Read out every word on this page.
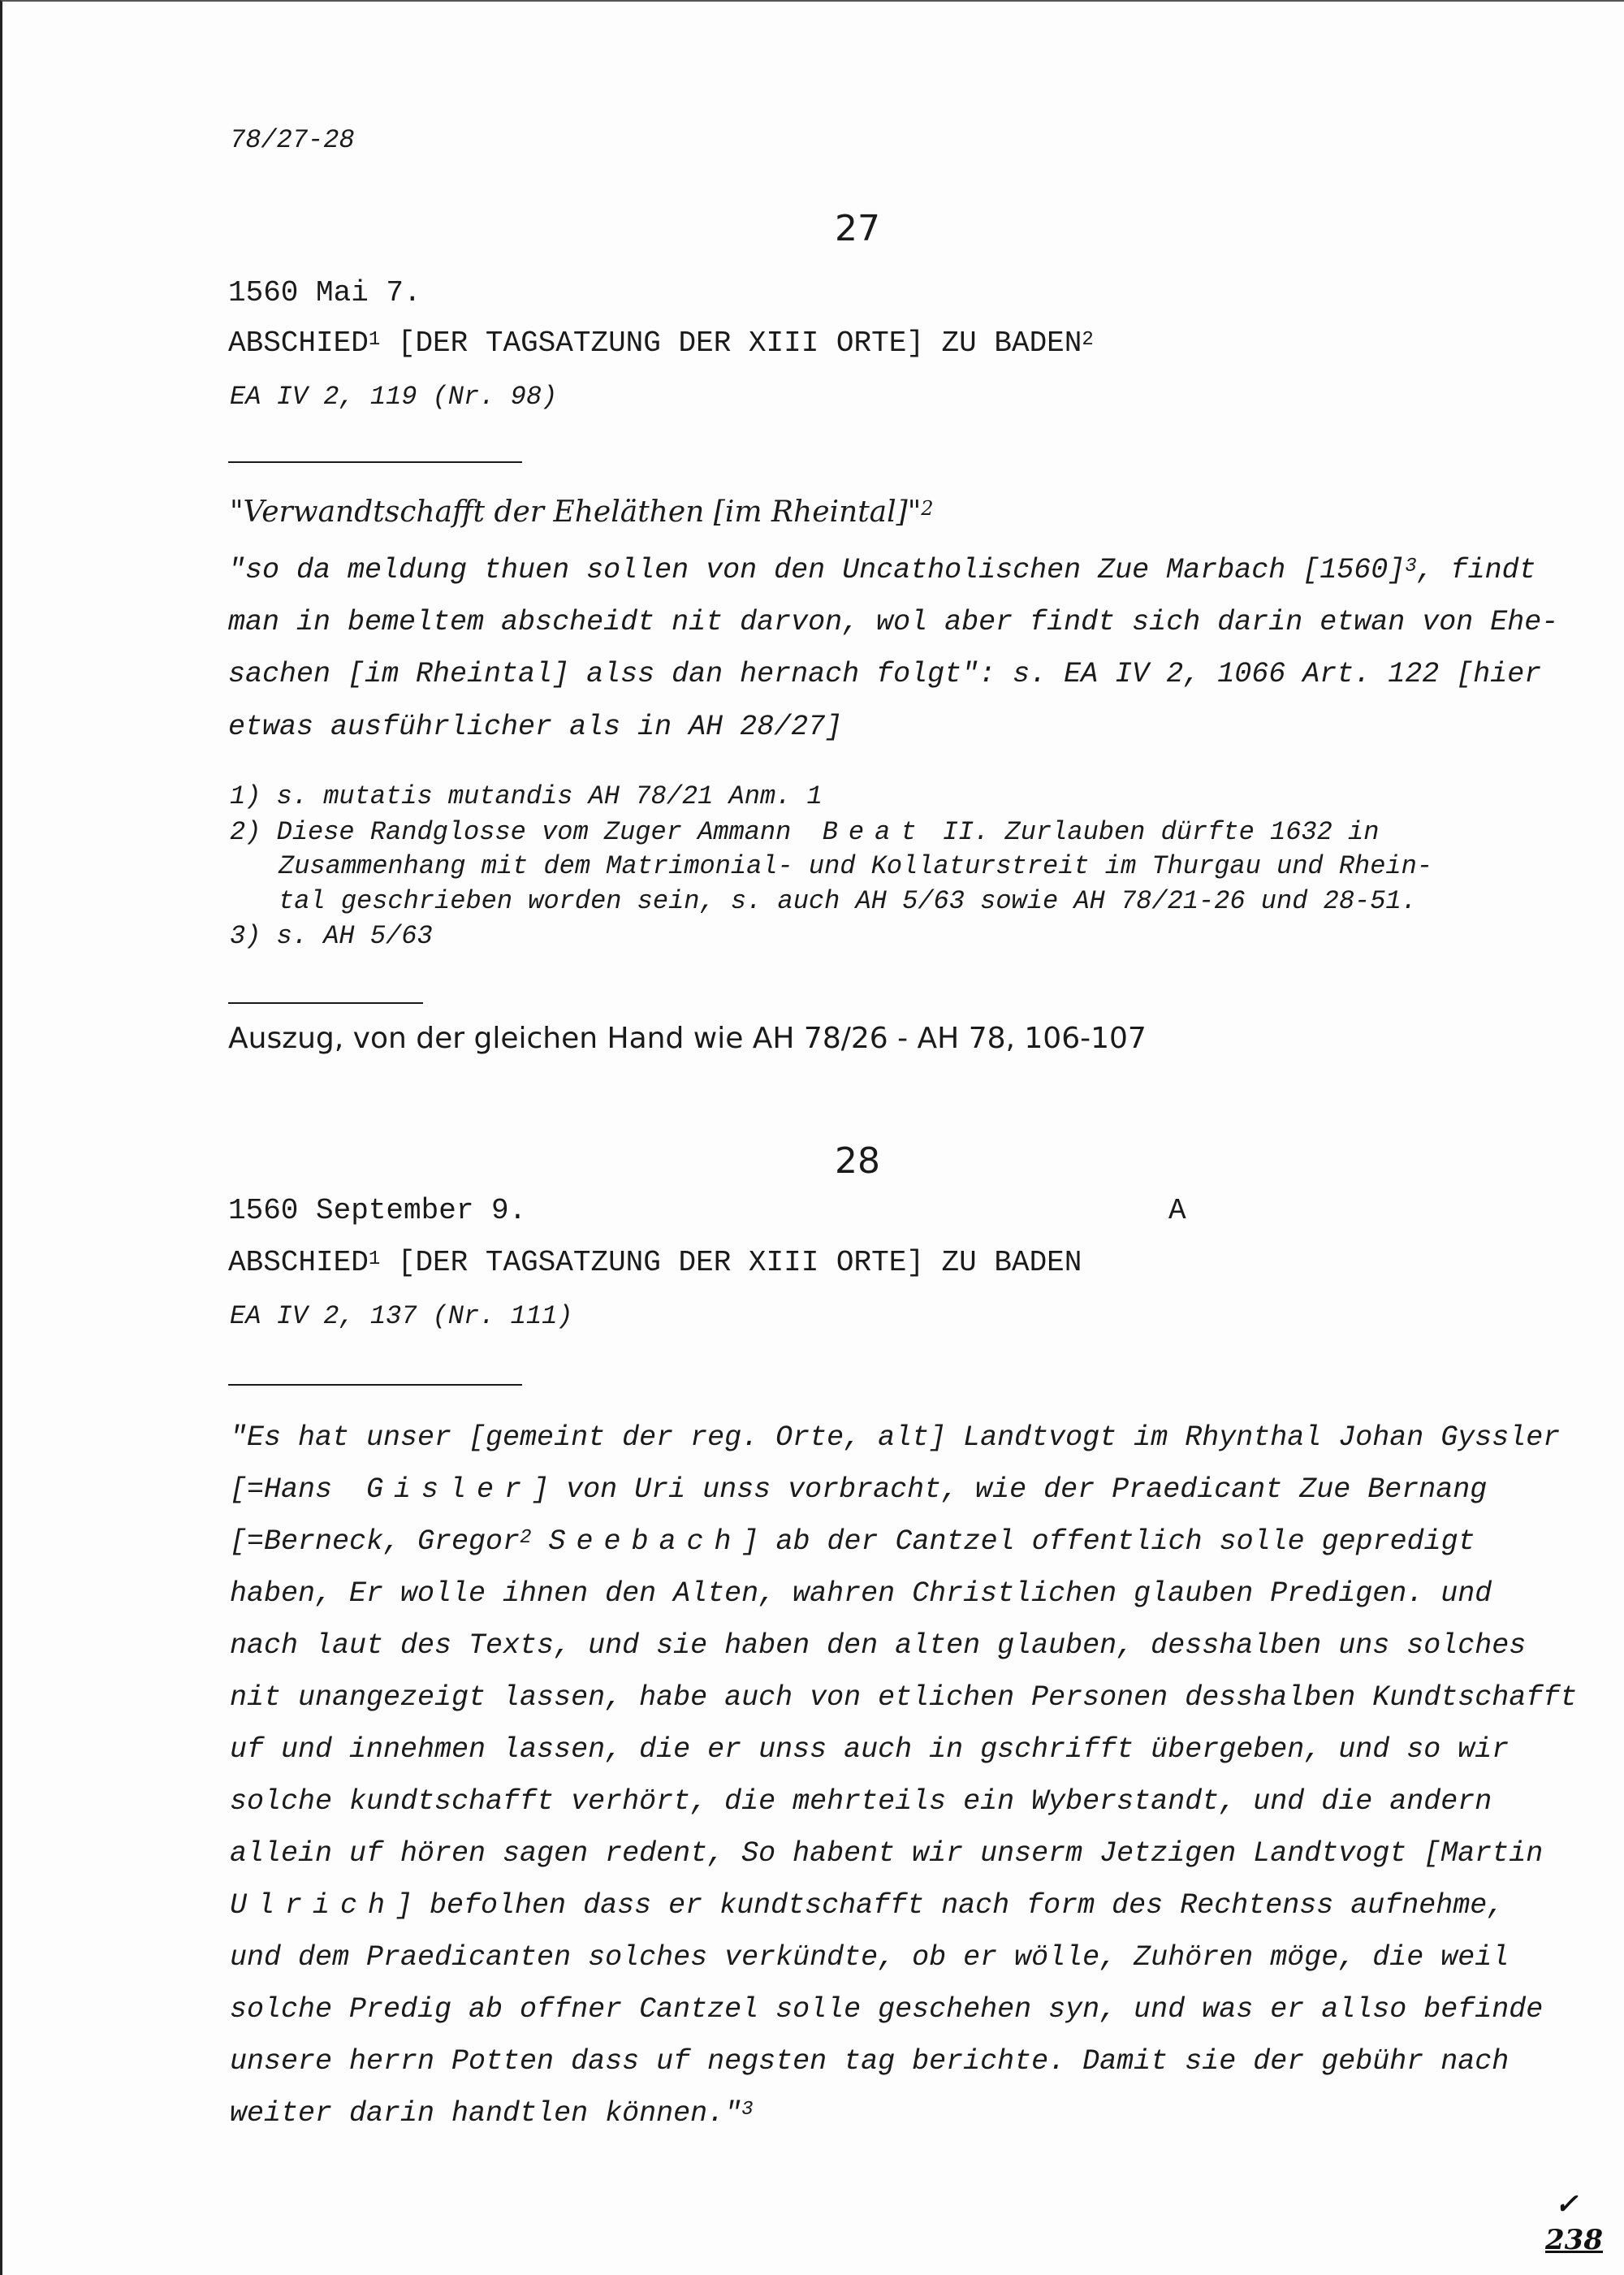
78/27-28
27
1560 Mai 7.
ABSCHIED$^1$ [DER TAGSATZUNG DER XIII ORTE] ZU BADEN$^2$
EA IV 2, 119 (Nr. 98)
"Verwandtschafft der Eheläthen [im Rheintal]"$^2$
"so da meldung thuen sollen von den Uncatholischen Zue Marbach $[1560]^3$, findt
man in bemeltem abscheidt nit darvon, wol aber findt sich darin etwan von Ehe-
sachen [im Rheintal] alss dan hernach folgt": s. EA IV 2, 1066 Art. 122 [hier
etwas ausführlicher als in AH 28/27]
1) s. mutatis mutandis AH 78/21 Anm. 1
2) Diese Randglosse vom Zuger Ammann Beat II. Zurlauben dürfte 1632 in
Zusammenhang mit dem Matrimonial- und Kollaturstreit im Thurgau und Rhein-
tal geschrieben worden sein, s. auch AH 5/63 sowie AH 78/21-26 und 28-51.
3) s. AH 5/63
Auszug, von der gleichen Hand wie AH 78/26 - AH 78, 106-107
28
1560 September 9.	A
ABSCHIED$^1$ [DER TAGSATZUNG DER XIII ORTE] ZU BADEN
EA IV 2, 137 (Nr. 111)
"Es hat unser [gemeint der reg. Orte, alt] Landtvogt im Rhynthal Johan Gyssler
[=Hans Gisler] von Uri unss vorbracht, wie der Praedicant Zue Bernang
[=Berneck, Gregor$^2$ Seebach] ab der Cantzel offentlich solle gepredigt
haben, Er wolle ihnen den Alten, wahren Christlichen glauben Predigen. und
nach laut des Texts, und sie haben den alten glauben, desshalben uns solches
nit unangezeigt lassen, habe auch von etlichen Personen desshalben Kundtschafft
uf und innehmen lassen, die er unss auch in gschrifft übergeben, und so wir
solche kundtschafft verhört, die mehrteils ein Wyberstandt, und die andern
allein uf hören sagen redent, So habent wir unserm Jetzigen Landtvogt [Martin
Ulrich] befolhen dass er kundtschafft nach form des Rechtenss aufnehme,
und dem Praedicanten solches verkündte, ob er wölle, Zuhören möge, die weil
solche Predig ab offner Cantzel solle geschehen syn, und was er allso befinde
unsere herrn Potten dass uf negsten tag berichte. Damit sie der gebühr nach
weiter darin handtlen können."$^3$
✓
238
